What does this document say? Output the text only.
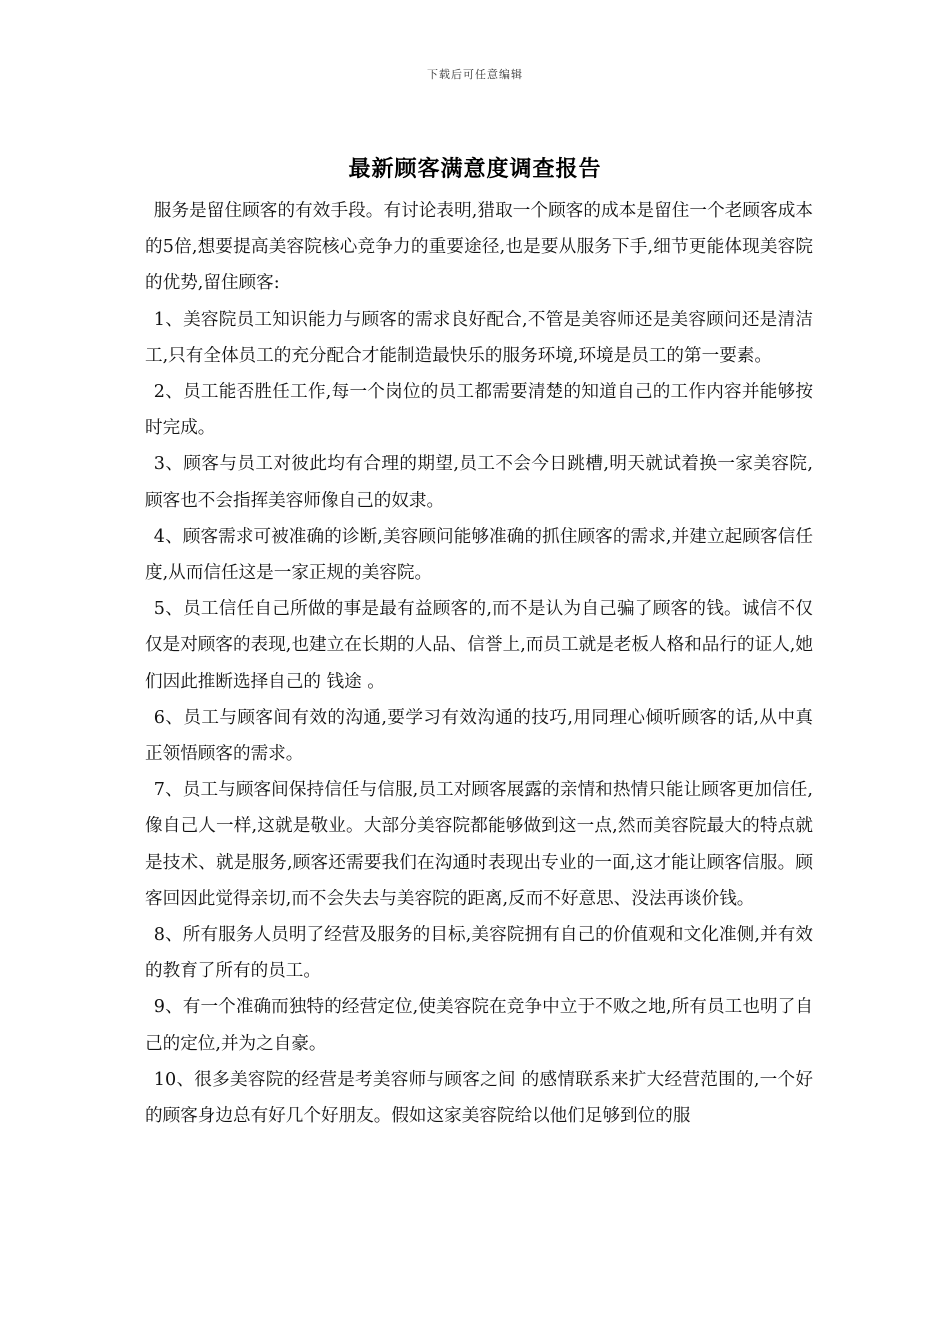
下载后可任意编辑
最新顾客满意度调查报告

服务是留住顾客的有效手段。有讨论表明,猎取一个顾客的成本是留住一个老顾客成本的5倍,想要提高美容院核心竞争力的重要途径,也是要从服务下手,细节更能体现美容院的优势,留住顾客:

1、美容院员工知识能力与顾客的需求良好配合,不管是美容师还是美容顾问还是清洁工,只有全体员工的充分配合才能制造最快乐的服务环境,环境是员工的第一要素。

2、员工能否胜任工作,每一个岗位的员工都需要清楚的知道自己的工作内容并能够按时完成。

3、顾客与员工对彼此均有合理的期望,员工不会今日跳槽,明天就试着换一家美容院,顾客也不会指挥美容师像自己的奴隶。

4、顾客需求可被准确的诊断,美容顾问能够准确的抓住顾客的需求,并建立起顾客信任度,从而信任这是一家正规的美容院。

5、员工信任自己所做的事是最有益顾客的,而不是认为自己骗了顾客的钱。诚信不仅仅是对顾客的表现,也建立在长期的人品、信誉上,而员工就是老板人格和品行的证人,她们因此推断选择自己的 钱途 。

6、员工与顾客间有效的沟通,要学习有效沟通的技巧,用同理心倾听顾客的话,从中真正领悟顾客的需求。

7、员工与顾客间保持信任与信服,员工对顾客展露的亲情和热情只能让顾客更加信任,像自己人一样,这就是敬业。大部分美容院都能够做到这一点,然而美容院最大的特点就是技术、就是服务,顾客还需要我们在沟通时表现出专业的一面,这才能让顾客信服。顾客回因此觉得亲切,而不会失去与美容院的距离,反而不好意思、没法再谈价钱。

8、所有服务人员明了经营及服务的目标,美容院拥有自己的价值观和文化准侧,并有效的教育了所有的员工。

9、有一个准确而独特的经营定位,使美容院在竞争中立于不败之地,所有员工也明了自己的定位,并为之自豪。

10、很多美容院的经营是考美容师与顾客之间 的感情联系来扩大经营范围的,一个好的顾客身边总有好几个好朋友。假如这家美容院给以他们足够到位的服
